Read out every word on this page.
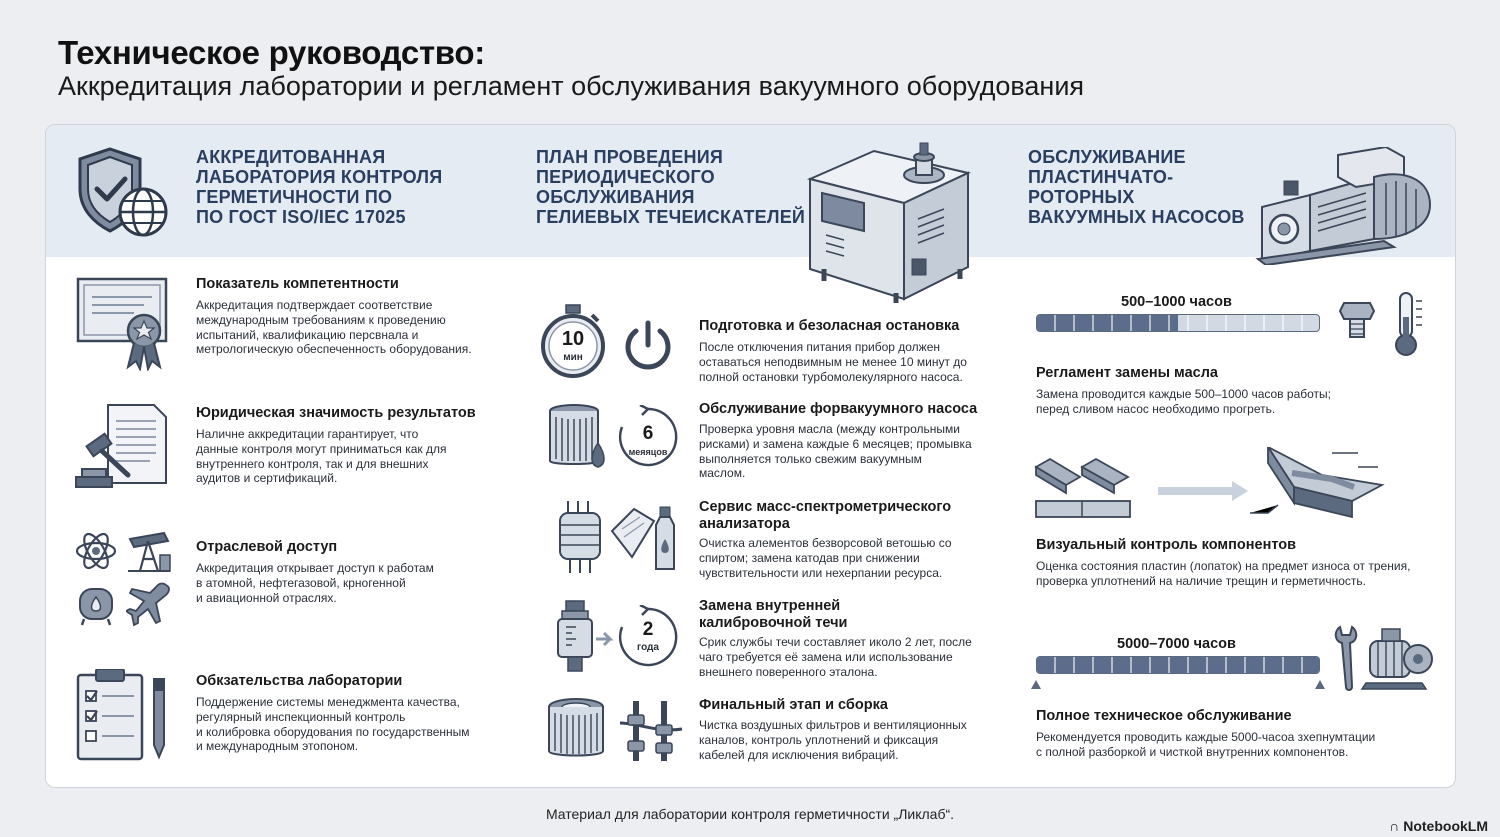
Техническое руководство:
Аккредитация лаборатории и регламент обслуживания вакуумного оборудования
АККРЕДИТОВАННАЯ
ЛАБОРАТОРИЯ КОНТРОЛЯ
ГЕРМЕТИЧНОСТИ ПО
ПО ГОСТ ISO/IEC 17025
ПЛАН ПРОВЕДЕНИЯ
ПЕРИОДИЧЕСКОГО
ОБСЛУЖИВАНИЯ
ГЕЛИЕВЫХ ТЕЧЕИСКАТЕЛЕЙ
ОБСЛУЖИВАНИЕ
ПЛАСТИНЧАТО-
РОТОРНЫХ
ВАКУУМНЫХ НАСОСОВ
Показатель компетентности
Аккредитация подтверждает соответствие
международным требованиям к проведению
испытаний, квалификацию персвнала и
метрологическую обеспеченность оборудования.
Юридическая значимость результатов
Наличне аккредитации гарантирует, что
данные контроля могут приниматься как для
внутреннего контроля, так и для внешних
аудитов и сертификаций.
Отраслевой доступ
Аккредитация открывает доступ к работам
в атомной, нефтегазовой, крногенной
и авиационной отраслях.
Обкзательства лаборатории
Поддержение системы менеджмента качества,
регулярный инспекционный контроль
и колибровка оборудования по государственным
и международным этопоном.
10
мин
Подготовка и безоласная остановка
После отключения питания прибор должен
оставаться неподвимным не менее 10 минут до
полной остановки турбомолекулярного насоса.
6
меяяцов
Обслуживание форвакуумного насоса
Проверка уровня масла (между контрольными
рисками) и замена каждые 6 месяцев; промывка
выполняется только свежим вакуумным
маслом.
Сервис масс-спектрометрического
анализатора
Очистка алементов безворсовой ветошью со
спиртом; замена катодав при снижении
чувствительности или нехерпании ресурса.
2
года
Замена внутренней
калибровочной течи
Срик службы течи составляет иколо 2 лет, после
чаго требуется её замена или использование
внешнего поверенного эталона.
Финальный этап и сборка
Чистка воздушных фильтров и вентиляционных
каналов, контроль уплотнений и фиксация
кабелей для исключения вибраций.
500–1000 часов
Регламент замены масла
Замена проводится каждые 500–1000 часов работы;
перед сливом насос необходимо прогреть.
Визуальный контроль компонентов
Оценка состояния пластин (лопаток) на предмет износа от трения,
проверка уплотнений на наличие трещин и герметичность.
5000–7000 часов
Полное техническое обслуживание
Рекомендуется проводить каждые 5000-часоа зхепнумтации
с полной разборкой и чисткой внутренних компонентов.
Материал для лаборатории контроля герметичности „Ликлаб“.
∩ NotebookLM
